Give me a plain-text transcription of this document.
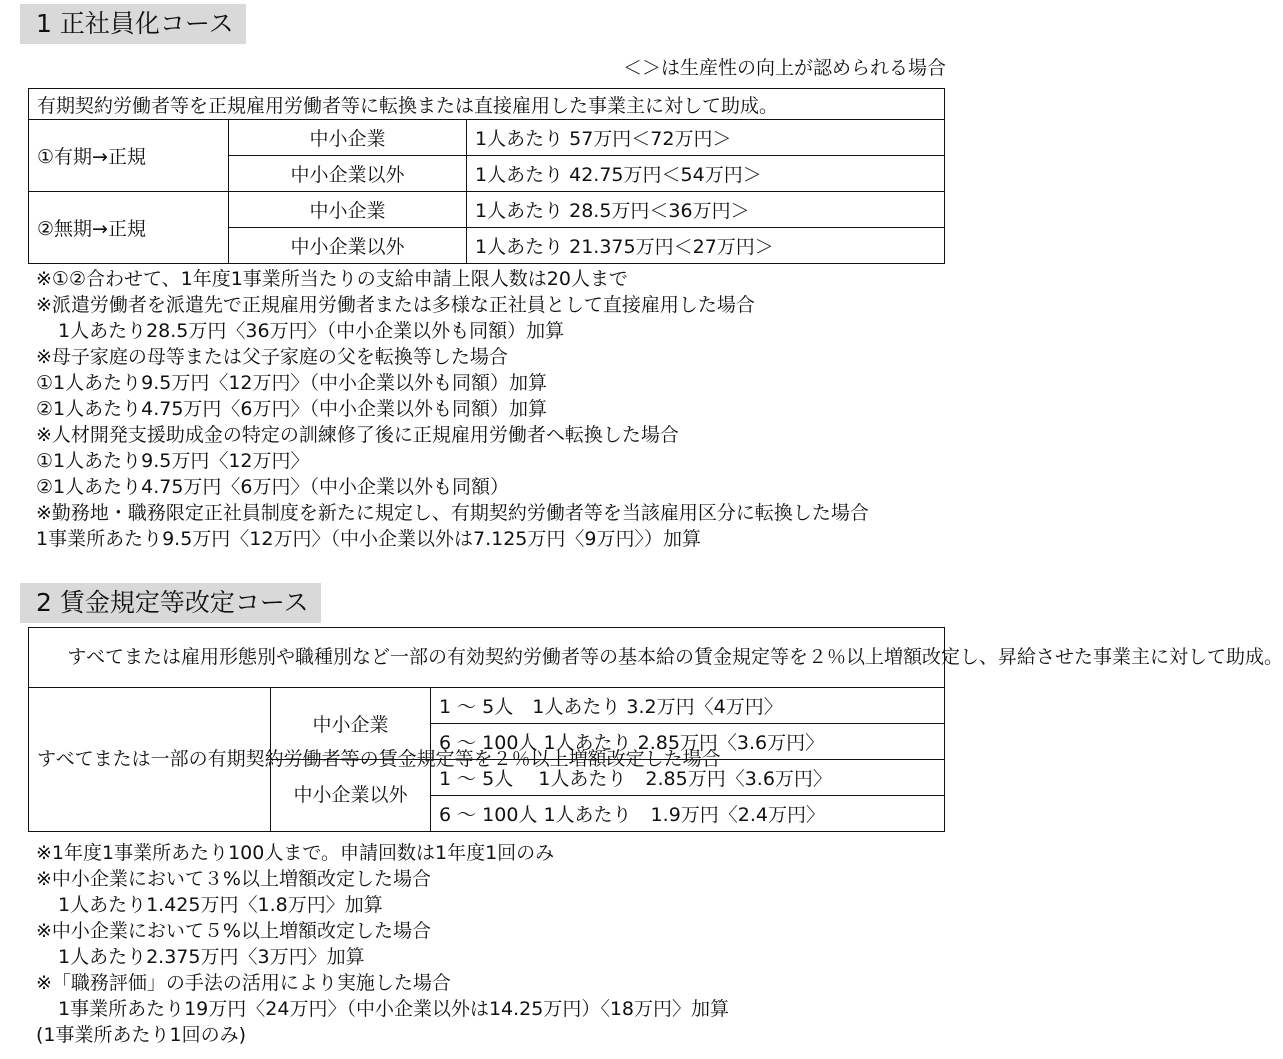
1 正社員化コース
＜＞は生産性の向上が認められる場合
有期契約労働者等を正規雇用労働者等に転換または直接雇用した事業主に対して助成。		
①有期→正規	中小企業	1人あたり 57万円＜72万円＞
	中小企業以外	1人あたり 42.75万円＜54万円＞
②無期→正規	中小企業	1人あたり 28.5万円＜36万円＞
	中小企業以外	1人あたり 21.375万円＜27万円＞
※①②合わせて、1年度1事業所当たりの支給申請上限人数は20人まで
※派遣労働者を派遣先で正規雇用労働者または多様な正社員として直接雇用した場合
1人あたり28.5万円〈36万円〉（中小企業以外も同額）加算
※母子家庭の母等または父子家庭の父を転換等した場合
①1人あたり9.5万円〈12万円〉（中小企業以外も同額）加算
②1人あたり4.75万円〈6万円〉（中小企業以外も同額）加算
※人材開発支援助成金の特定の訓練修了後に正規雇用労働者へ転換した場合
①1人あたり9.5万円〈12万円〉
②1人あたり4.75万円〈6万円〉（中小企業以外も同額）
※勤務地・職務限定正社員制度を新たに規定し、有期契約労働者等を当該雇用区分に転換した場合
1事業所あたり9.5万円〈12万円〉（中小企業以外は7.125万円〈9万円〉）加算
2 賃金規定等改定コース
すべてまたは雇用形態別や職種別など一部の有効契約労働者等の基本給の賃金規定等を２％以上増額改定し、昇給させた事業主に対して助成。		
すべてまたは一部の有期契約労働者等の賃金規定等を２％以上増額改定した場合	中小企業	1 ～ 5人　1人あたり 3.2万円〈4万円〉
		6 ～ 100人 1人あたり 2.85万円〈3.6万円〉
	中小企業以外	1 ～ 5人　 1人あたり　2.85万円〈3.6万円〉
		6 ～ 100人 1人あたり　1.9万円〈2.4万円〉
※1年度1事業所あたり100人まで。申請回数は1年度1回のみ
※中小企業において３%以上増額改定した場合
1人あたり1.425万円〈1.8万円〉加算
※中小企業において５%以上増額改定した場合
1人あたり2.375万円〈3万円〉加算
※「職務評価」の手法の活用により実施した場合
1事業所あたり19万円〈24万円〉（中小企業以外は14.25万円）〈18万円〉加算
(1事業所あたり1回のみ)
